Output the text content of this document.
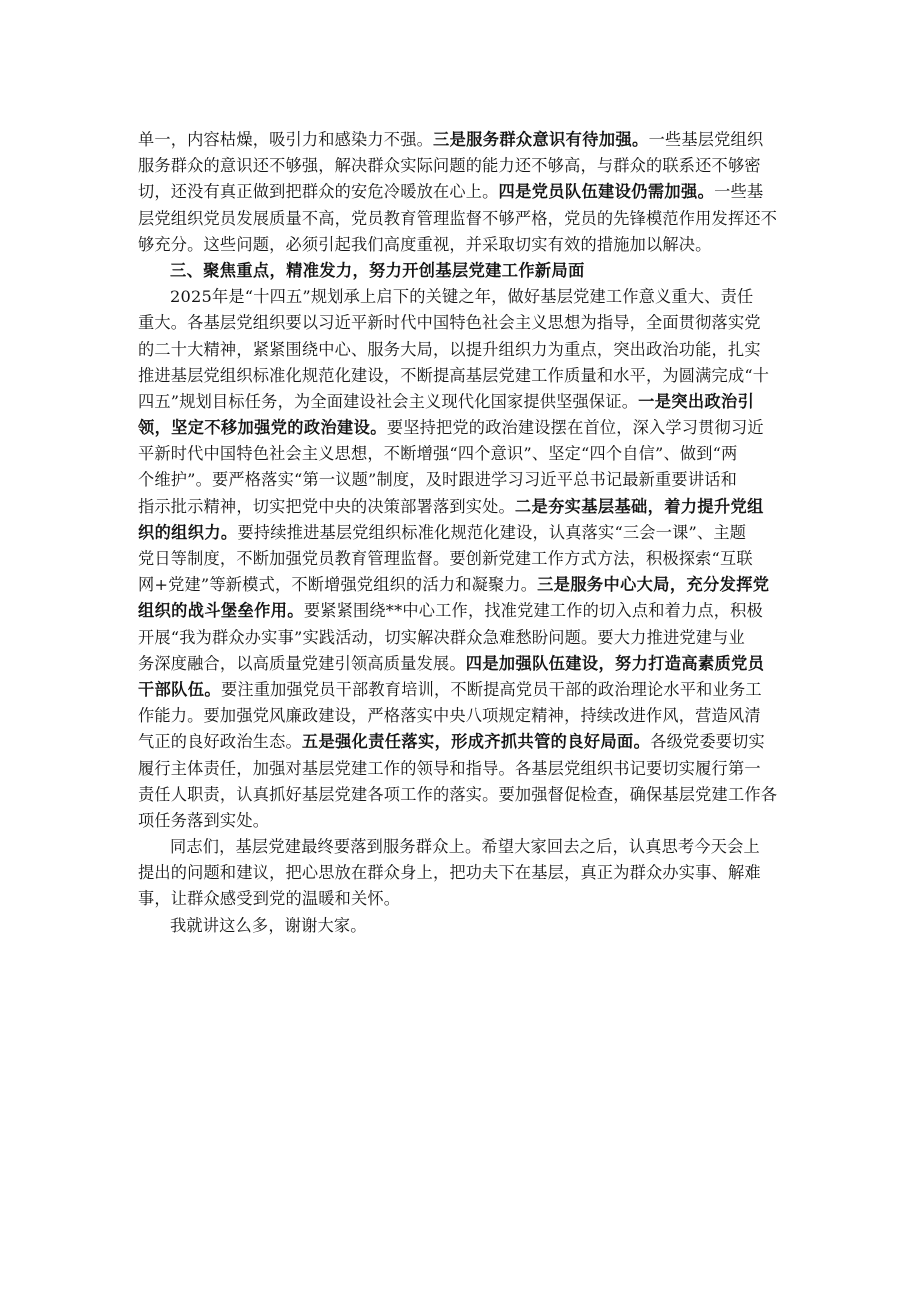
单一，内容枯燥，吸引力和感染力不强。三是服务群众意识有待加强。一些基层党组织
服务群众的意识还不够强，解决群众实际问题的能力还不够高，与群众的联系还不够密
切，还没有真正做到把群众的安危冷暖放在心上。四是党员队伍建设仍需加强。一些基
层党组织党员发展质量不高，党员教育管理监督不够严格，党员的先锋模范作用发挥还不
够充分。这些问题，必须引起我们高度重视，并采取切实有效的措施加以解决。
三、聚焦重点，精准发力，努力开创基层党建工作新局面
2025年是“十四五”规划承上启下的关键之年，做好基层党建工作意义重大、责任
重大。各基层党组织要以习近平新时代中国特色社会主义思想为指导，全面贯彻落实党
的二十大精神，紧紧围绕中心、服务大局，以提升组织力为重点，突出政治功能，扎实
推进基层党组织标准化规范化建设，不断提高基层党建工作质量和水平，为圆满完成“十
四五”规划目标任务，为全面建设社会主义现代化国家提供坚强保证。一是突出政治引
领，坚定不移加强党的政治建设。要坚持把党的政治建设摆在首位，深入学习贯彻习近
平新时代中国特色社会主义思想，不断增强“四个意识”、坚定“四个自信”、做到“两
个维护”。要严格落实“第一议题”制度，及时跟进学习习近平总书记最新重要讲话和
指示批示精神，切实把党中央的决策部署落到实处。二是夯实基层基础，着力提升党组
织的组织力。要持续推进基层党组织标准化规范化建设，认真落实“三会一课”、主题
党日等制度，不断加强党员教育管理监督。要创新党建工作方式方法，积极探索“互联
网+党建”等新模式，不断增强党组织的活力和凝聚力。三是服务中心大局，充分发挥党
组织的战斗堡垒作用。要紧紧围绕**中心工作，找准党建工作的切入点和着力点，积极
开展“我为群众办实事”实践活动，切实解决群众急难愁盼问题。要大力推进党建与业
务深度融合，以高质量党建引领高质量发展。四是加强队伍建设，努力打造高素质党员
干部队伍。要注重加强党员干部教育培训，不断提高党员干部的政治理论水平和业务工
作能力。要加强党风廉政建设，严格落实中央八项规定精神，持续改进作风，营造风清
气正的良好政治生态。五是强化责任落实，形成齐抓共管的良好局面。各级党委要切实
履行主体责任，加强对基层党建工作的领导和指导。各基层党组织书记要切实履行第一
责任人职责，认真抓好基层党建各项工作的落实。要加强督促检查，确保基层党建工作各
项任务落到实处。
同志们，基层党建最终要落到服务群众上。希望大家回去之后，认真思考今天会上
提出的问题和建议，把心思放在群众身上，把功夫下在基层，真正为群众办实事、解难
事，让群众感受到党的温暖和关怀。
我就讲这么多，谢谢大家。
